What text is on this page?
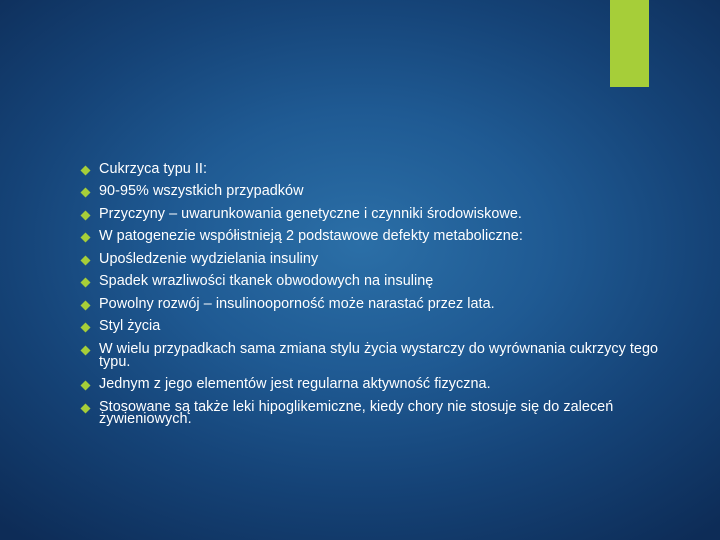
Cukrzyca typu II:
90-95% wszystkich przypadków
Przyczyny – uwarunkowania genetyczne i czynniki środowiskowe.
W patogenezie współistnieją 2 podstawowe defekty metaboliczne:
Upośledzenie wydzielania insuliny
Spadek wrazliwości tkanek obwodowych na insulinę
Powolny rozwój – insulinooporność może narastać przez lata.
Styl życia
W wielu przypadkach sama zmiana stylu życia wystarczy do wyrównania cukrzycy tego typu.
Jednym z jego elementów jest regularna aktywność fizyczna.
Stosowane są także leki hipoglikemiczne, kiedy chory nie stosuje się do zaleceń żywieniowych.
